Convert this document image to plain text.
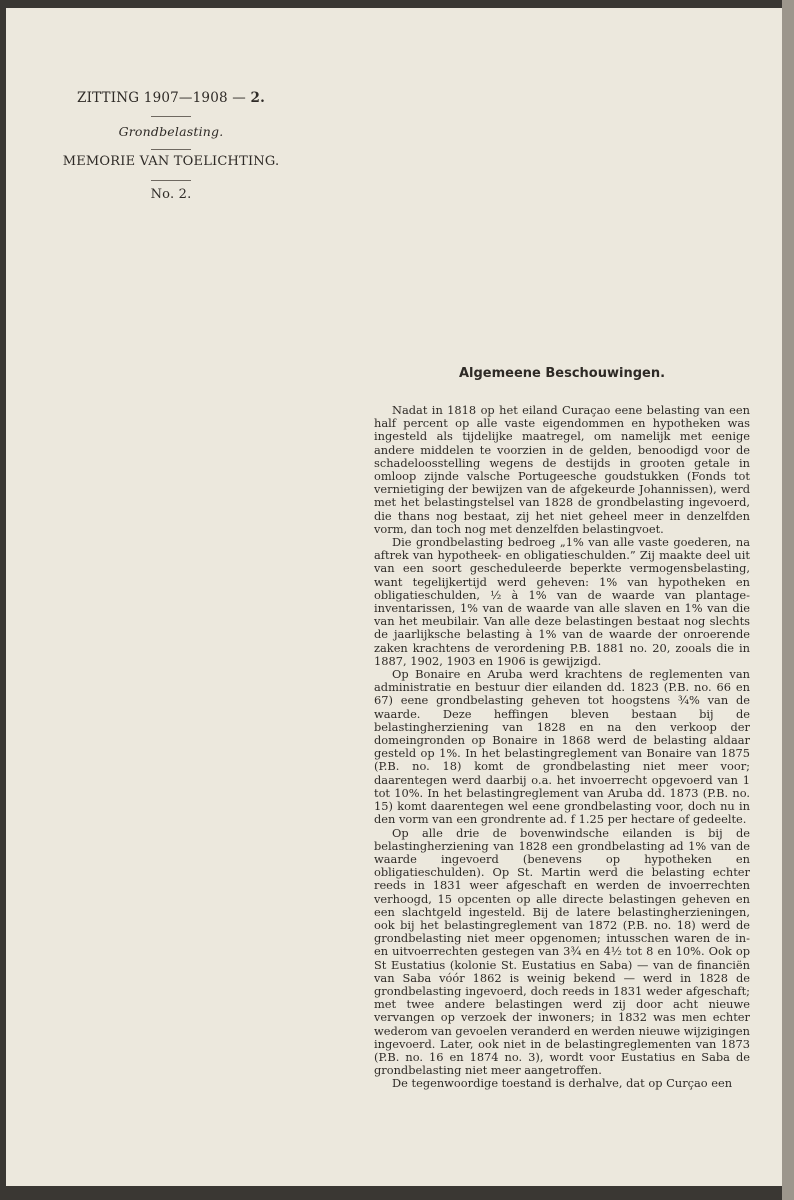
ZITTING 1907—1908 — 2.
Grondbelasting.
MEMORIE VAN TOELICHTING.
No. 2.
Algemeene Beschouwingen.

Nadat in 1818 op het eiland Curaçao eene belasting van een half percent op alle vaste eigendommen en hypotheken was ingesteld als tijdelijke maatregel, om namelijk met eenige andere middelen te voorzien in de gelden, benoodigd voor de schadeloosstelling wegens de destijds in grooten getale in omloop zijnde valsche Portugeesche goudstukken (Fonds tot vernietiging der bewijzen van de afgekeurde Johannissen), werd met het belastingstelsel van 1828 de grondbelasting ingevoerd, die thans nog bestaat, zij het niet geheel meer in denzelfden vorm, dan toch nog met denzelfden belastingvoet.

Die grondbelasting bedroeg „1% van alle vaste goederen, na aftrek van hypotheek- en obligatieschulden.” Zij maakte deel uit van een soort gescheduleerde beperkte vermogensbelasting, want tegelijkertijd werd geheven: 1% van hypotheken en obligatieschulden, ½ à 1% van de waarde van plantage-inventarissen, 1% van de waarde van alle slaven en 1% van die van het meubilair. Van alle deze belastingen bestaat nog slechts de jaarlijksche belasting à 1% van de waarde der onroerende zaken krachtens de verordening P.B. 1881 no. 20, zooals die in 1887, 1902, 1903 en 1906 is gewijzigd.

Op Bonaire en Aruba werd krachtens de reglementen van administratie en bestuur dier eilanden dd. 1823 (P.B. no. 66 en 67) eene grondbelasting geheven tot hoogstens ¾% van de waarde. Deze heffingen bleven bestaan bij de belastingherziening van 1828 en na den verkoop der domeingronden op Bonaire in 1868 werd de belasting aldaar gesteld op 1%. In het belastingreglement van Bonaire van 1875 (P.B. no. 18) komt de grondbelasting niet meer voor; daarentegen werd daarbij o.a. het invoerrecht opgevoerd van 1 tot 10%. In het belastingreglement van Aruba dd. 1873 (P.B. no. 15) komt daarentegen wel eene grondbelasting voor, doch nu in den vorm van een grondrente ad. f 1.25 per hectare of gedeelte.

Op alle drie de bovenwindsche eilanden is bij de belastingherziening van 1828 een grondbelasting ad 1% van de waarde ingevoerd (benevens op hypotheken en obligatieschulden). Op St. Martin werd die belasting echter reeds in 1831 weer afgeschaft en werden de invoerrechten verhoogd, 15 opcenten op alle directe belastingen geheven en een slachtgeld ingesteld. Bij de latere belastingherzieningen, ook bij het belastingreglement van 1872 (P.B. no. 18) werd de grondbelasting niet meer opgenomen; intusschen waren de in- en uitvoerrechten gestegen van 3¾ en 4½ tot 8 en 10%. Ook op St Eustatius (kolonie St. Eustatius en Saba) — van de financiën van Saba vóór 1862 is weinig bekend — werd in 1828 de grondbelasting ingevoerd, doch reeds in 1831 weder afgeschaft; met twee andere belastingen werd zij door acht nieuwe vervangen op verzoek der inwoners; in 1832 was men echter wederom van gevoelen veranderd en werden nieuwe wijzigingen ingevoerd. Later, ook niet in de belastingreglementen van 1873 (P.B. no. 16 en 1874 no. 3), wordt voor Eustatius en Saba de grondbelasting niet meer aangetroffen.

De tegenwoordige toestand is derhalve, dat op Curçao een
